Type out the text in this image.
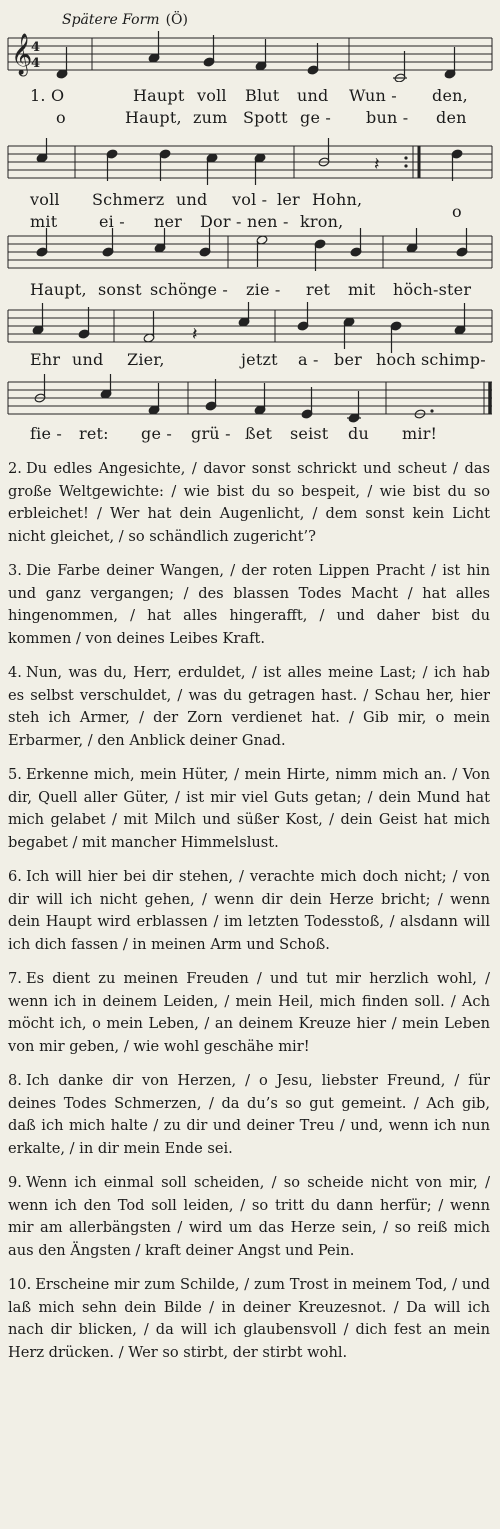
Spätere Form (Ö)
𝄞
4
4
1. O	Haupt voll Blut und Wun - den,
o	Haupt, zum Spott ge - bun - den
𝄽
voll Schmerz und vol - ler Hohn,
mit	ei - ner Dor - nen - kron,
o
Haupt, sonst schön
ge - zie - ret mit höch-ster
𝄽
Ehr und Zier,	jetzt a - ber hoch schimp-
fie - ret: ge - grü - ßet seist du mir!

2. Du edles Angesichte, / davor sonst schrickt und scheut / das große Weltgewichte: / wie bist du so bespeit, / wie bist du so erbleichet! / Wer hat dein Augenlicht, / dem sonst kein Licht nicht gleichet, / so schändlich zugericht’?

3. Die Farbe deiner Wangen, / der roten Lippen Pracht / ist hin und ganz vergangen; / des blassen Todes Macht / hat alles hingenommen, / hat alles hingerafft, / und daher bist du kommen / von deines Leibes Kraft.

4. Nun, was du, Herr, erduldet, / ist alles meine Last; / ich hab es selbst verschuldet, / was du getragen hast. / Schau her, hier steh ich Armer, / der Zorn verdienet hat. / Gib mir, o mein Erbarmer, / den Anblick deiner Gnad.

5. Erkenne mich, mein Hüter, / mein Hirte, nimm mich an. / Von dir, Quell aller Güter, / ist mir viel Guts getan; / dein Mund hat mich gelabet / mit Milch und süßer Kost, / dein Geist hat mich begabet / mit mancher Himmelslust.

6. Ich will hier bei dir stehen, / verachte mich doch nicht; / von dir will ich nicht gehen, / wenn dir dein Herze bricht; / wenn dein Haupt wird erblassen / im letzten Todesstoß, / alsdann will ich dich fassen / in meinen Arm und Schoß.

7. Es dient zu meinen Freuden / und tut mir herzlich wohl, / wenn ich in deinem Leiden, / mein Heil, mich finden soll. / Ach möcht ich, o mein Leben, / an deinem Kreuze hier / mein Leben von mir geben, / wie wohl geschähe mir!

8. Ich danke dir von Herzen, / o Jesu, liebster Freund, / für deines Todes Schmerzen, / da du’s so gut gemeint. / Ach gib, daß ich mich halte / zu dir und deiner Treu / und, wenn ich nun erkalte, / in dir mein Ende sei.

9. Wenn ich einmal soll scheiden, / so scheide nicht von mir, / wenn ich den Tod soll leiden, / so tritt du dann herfür; / wenn mir am allerbängsten / wird um das Herze sein, / so reiß mich aus den Ängsten / kraft deiner Angst und Pein.

10. Erscheine mir zum Schilde, / zum Trost in meinem Tod, / und laß mich sehn dein Bilde / in deiner Kreuzesnot. / Da will ich nach dir blicken, / da will ich glaubensvoll / dich fest an mein Herz drücken. / Wer so stirbt, der stirbt wohl.
